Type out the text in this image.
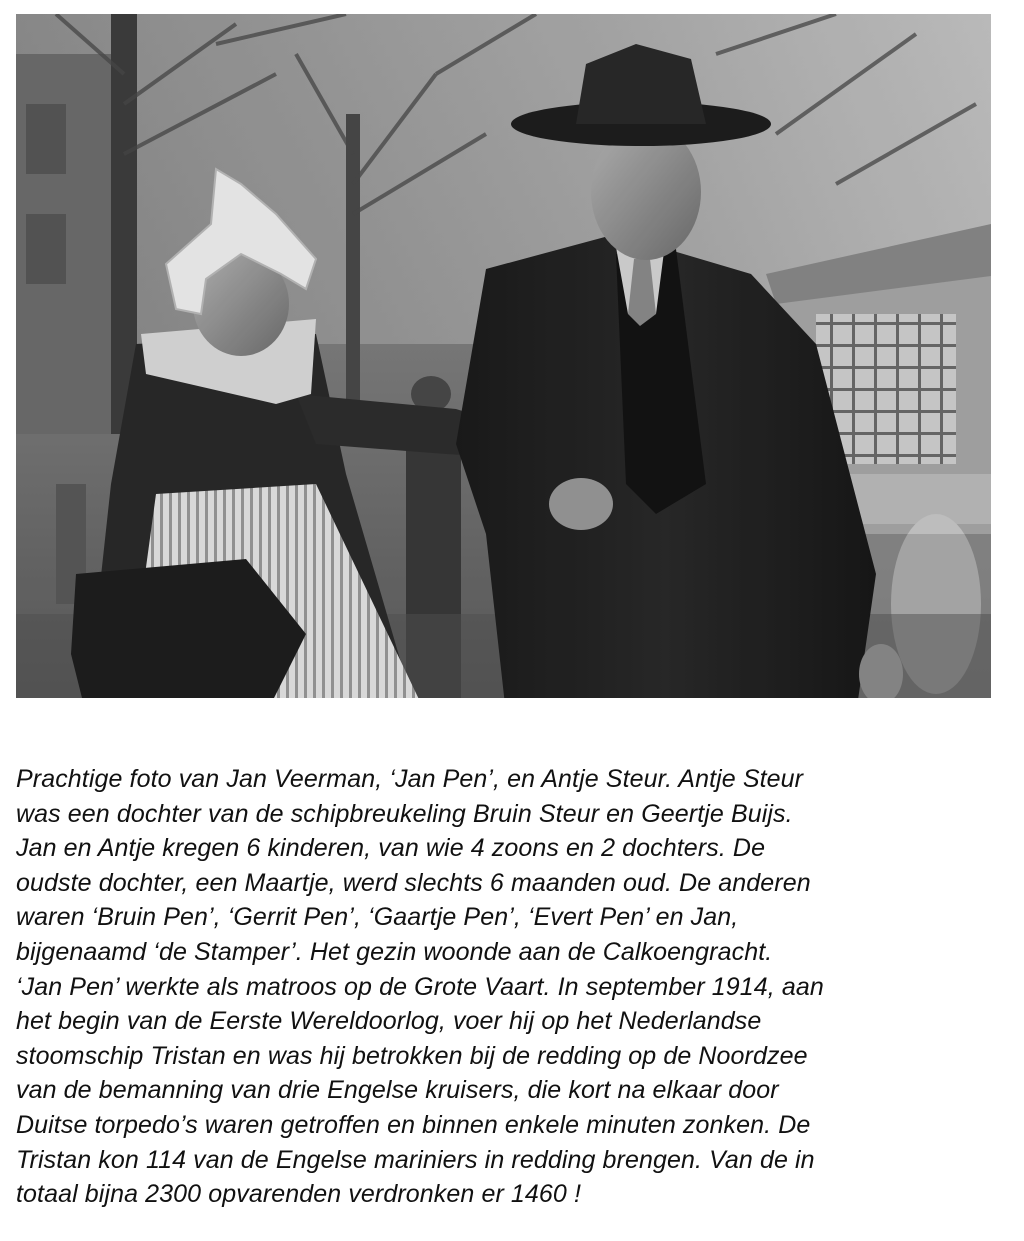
Prachtige foto van Jan Veerman, ‘Jan Pen’, en Antje Steur. Antje Steur
was een dochter van de schipbreukeling Bruin Steur en Geertje Buijs.
Jan en Antje kregen 6 kinderen, van wie 4 zoons en 2 dochters. De
oudste dochter, een Maartje, werd slechts 6 maanden oud. De anderen
waren ‘Bruin Pen’, ‘Gerrit Pen’, ‘Gaartje Pen’, ‘Evert Pen’ en Jan,
bijgenaamd ‘de Stamper’. Het gezin woonde aan de Calkoengracht.
‘Jan Pen’ werkte als matroos op de Grote Vaart. In september 1914, aan
het begin van de Eerste Wereldoorlog, voer hij op het Nederlandse
stoomschip Tristan en was hij betrokken bij de redding op de Noordzee
van de bemanning van drie Engelse kruisers, die kort na elkaar door
Duitse torpedo’s waren getroffen en binnen enkele minuten zonken. De
Tristan kon 114 van de Engelse mariniers in redding brengen. Van de in
totaal bijna 2300 opvarenden verdronken er 1460 !
